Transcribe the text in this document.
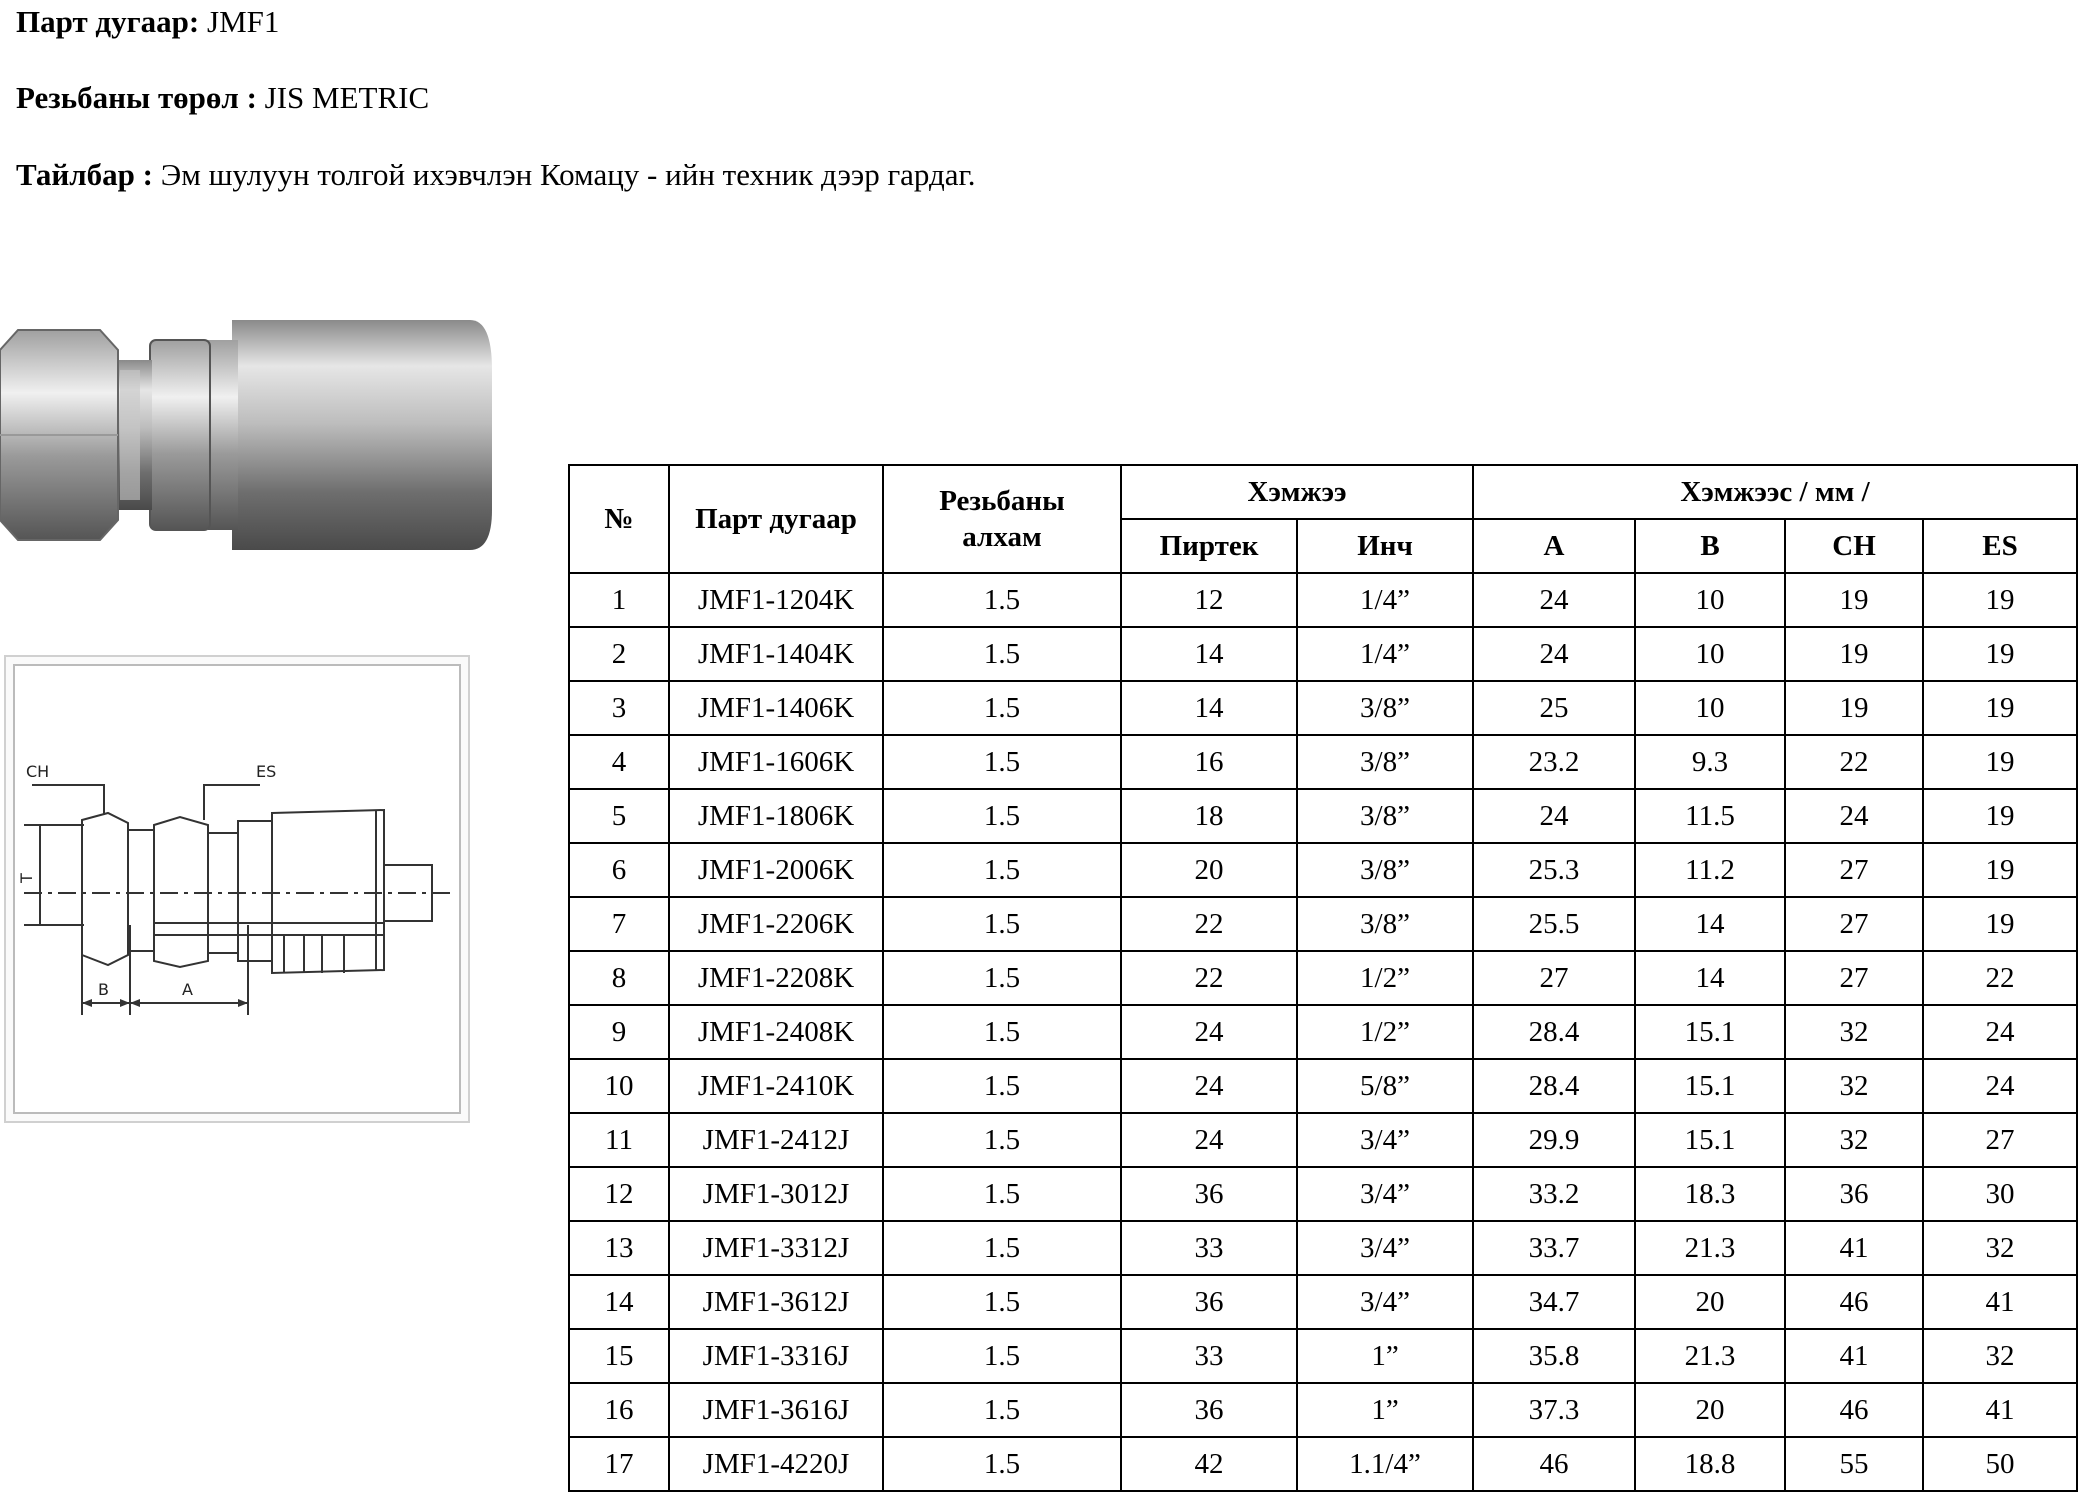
Парт дугаар: JMF1
Резьбаны төрөл : JIS METRIC
Тайлбар : Эм шулуун толгой ихэвчлэн Комацу - ийн техник дээр гардаг.
CH	ES
T
B	A
№	Парт дугаар	Резьбаны алхам	Хэмжээ		Хэмжээс / мм /			
			Пиртек	Инч	A	B	CH	ES
1	JMF1-1204K	1.5	12	1/4”	24	10	19	19
2	JMF1-1404K	1.5	14	1/4”	24	10	19	19
3	JMF1-1406K	1.5	14	3/8”	25	10	19	19
4	JMF1-1606K	1.5	16	3/8”	23.2	9.3	22	19
5	JMF1-1806K	1.5	18	3/8”	24	11.5	24	19
6	JMF1-2006K	1.5	20	3/8”	25.3	11.2	27	19
7	JMF1-2206K	1.5	22	3/8”	25.5	14	27	19
8	JMF1-2208K	1.5	22	1/2”	27	14	27	22
9	JMF1-2408K	1.5	24	1/2”	28.4	15.1	32	24
10	JMF1-2410K	1.5	24	5/8”	28.4	15.1	32	24
11	JMF1-2412J	1.5	24	3/4”	29.9	15.1	32	27
12	JMF1-3012J	1.5	36	3/4”	33.2	18.3	36	30
13	JMF1-3312J	1.5	33	3/4”	33.7	21.3	41	32
14	JMF1-3612J	1.5	36	3/4”	34.7	20	46	41
15	JMF1-3316J	1.5	33	1”	35.8	21.3	41	32
16	JMF1-3616J	1.5	36	1”	37.3	20	46	41
17	JMF1-4220J	1.5	42	1.1/4”	46	18.8	55	50
